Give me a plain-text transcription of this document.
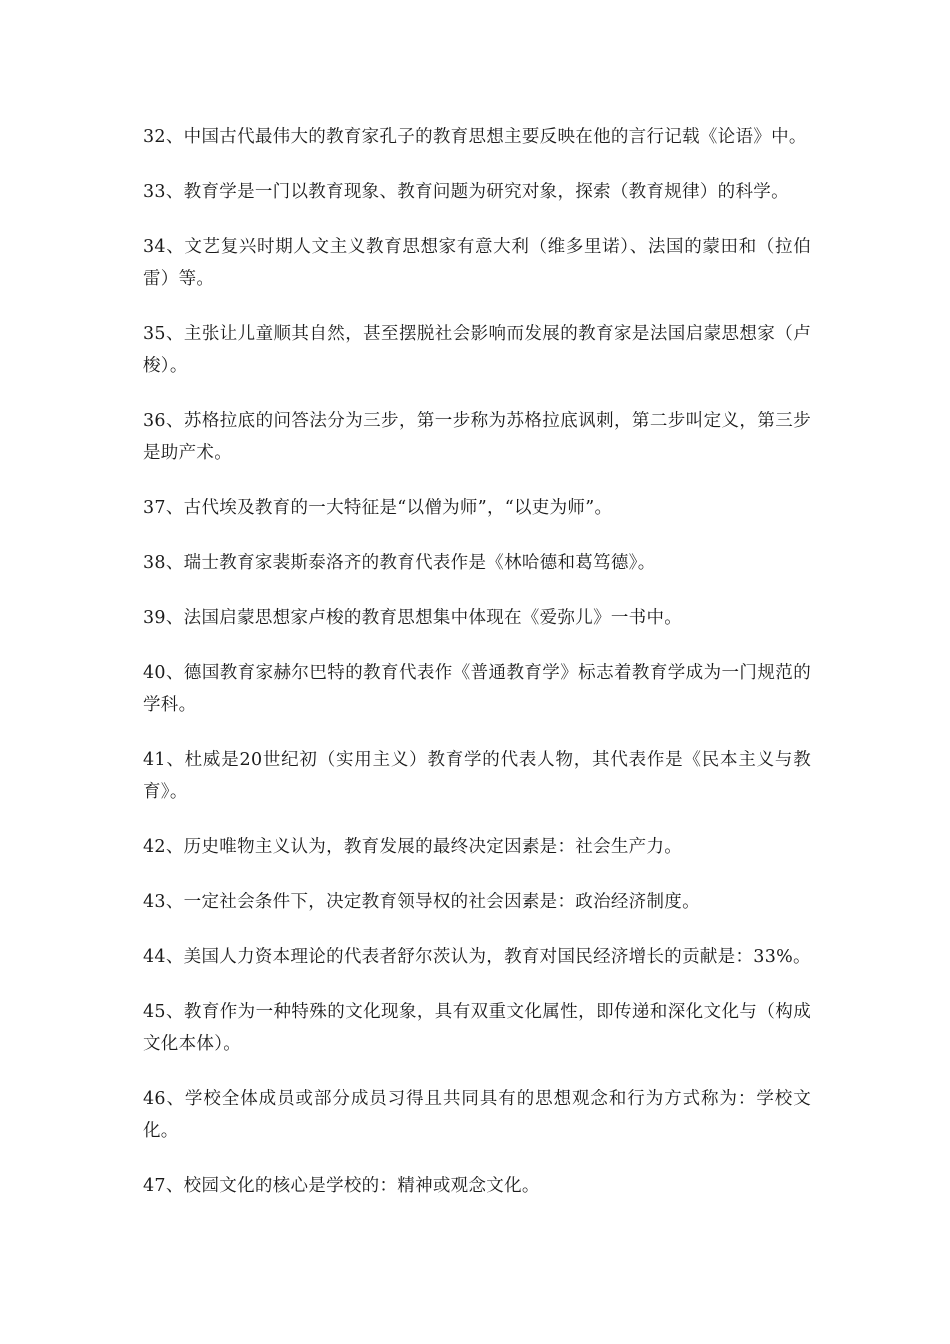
32、中国古代最伟大的教育家孔子的教育思想主要反映在他的言行记载《论语》中。
33、教育学是一门以教育现象、教育问题为研究对象，探索（教育规律）的科学。
34、文艺复兴时期人文主义教育思想家有意大利（维多里诺）、法国的蒙田和（拉伯雷）等。
35、主张让儿童顺其自然，甚至摆脱社会影响而发展的教育家是法国启蒙思想家（卢梭）。
36、苏格拉底的问答法分为三步，第一步称为苏格拉底讽刺，第二步叫定义，第三步是助产术。
37、古代埃及教育的一大特征是“以僧为师”，“以吏为师”。
38、瑞士教育家裴斯泰洛齐的教育代表作是《林哈德和葛笃德》。
39、法国启蒙思想家卢梭的教育思想集中体现在《爱弥儿》一书中。
40、德国教育家赫尔巴特的教育代表作《普通教育学》标志着教育学成为一门规范的学科。
41、杜威是20世纪初（实用主义）教育学的代表人物，其代表作是《民本主义与教育》。
42、历史唯物主义认为，教育发展的最终决定因素是：社会生产力。
43、一定社会条件下，决定教育领导权的社会因素是：政治经济制度。
44、美国人力资本理论的代表者舒尔茨认为，教育对国民经济增长的贡献是：33%。
45、教育作为一种特殊的文化现象，具有双重文化属性，即传递和深化文化与（构成文化本体）。
46、学校全体成员或部分成员习得且共同具有的思想观念和行为方式称为：学校文化。
47、校园文化的核心是学校的：精神或观念文化。
